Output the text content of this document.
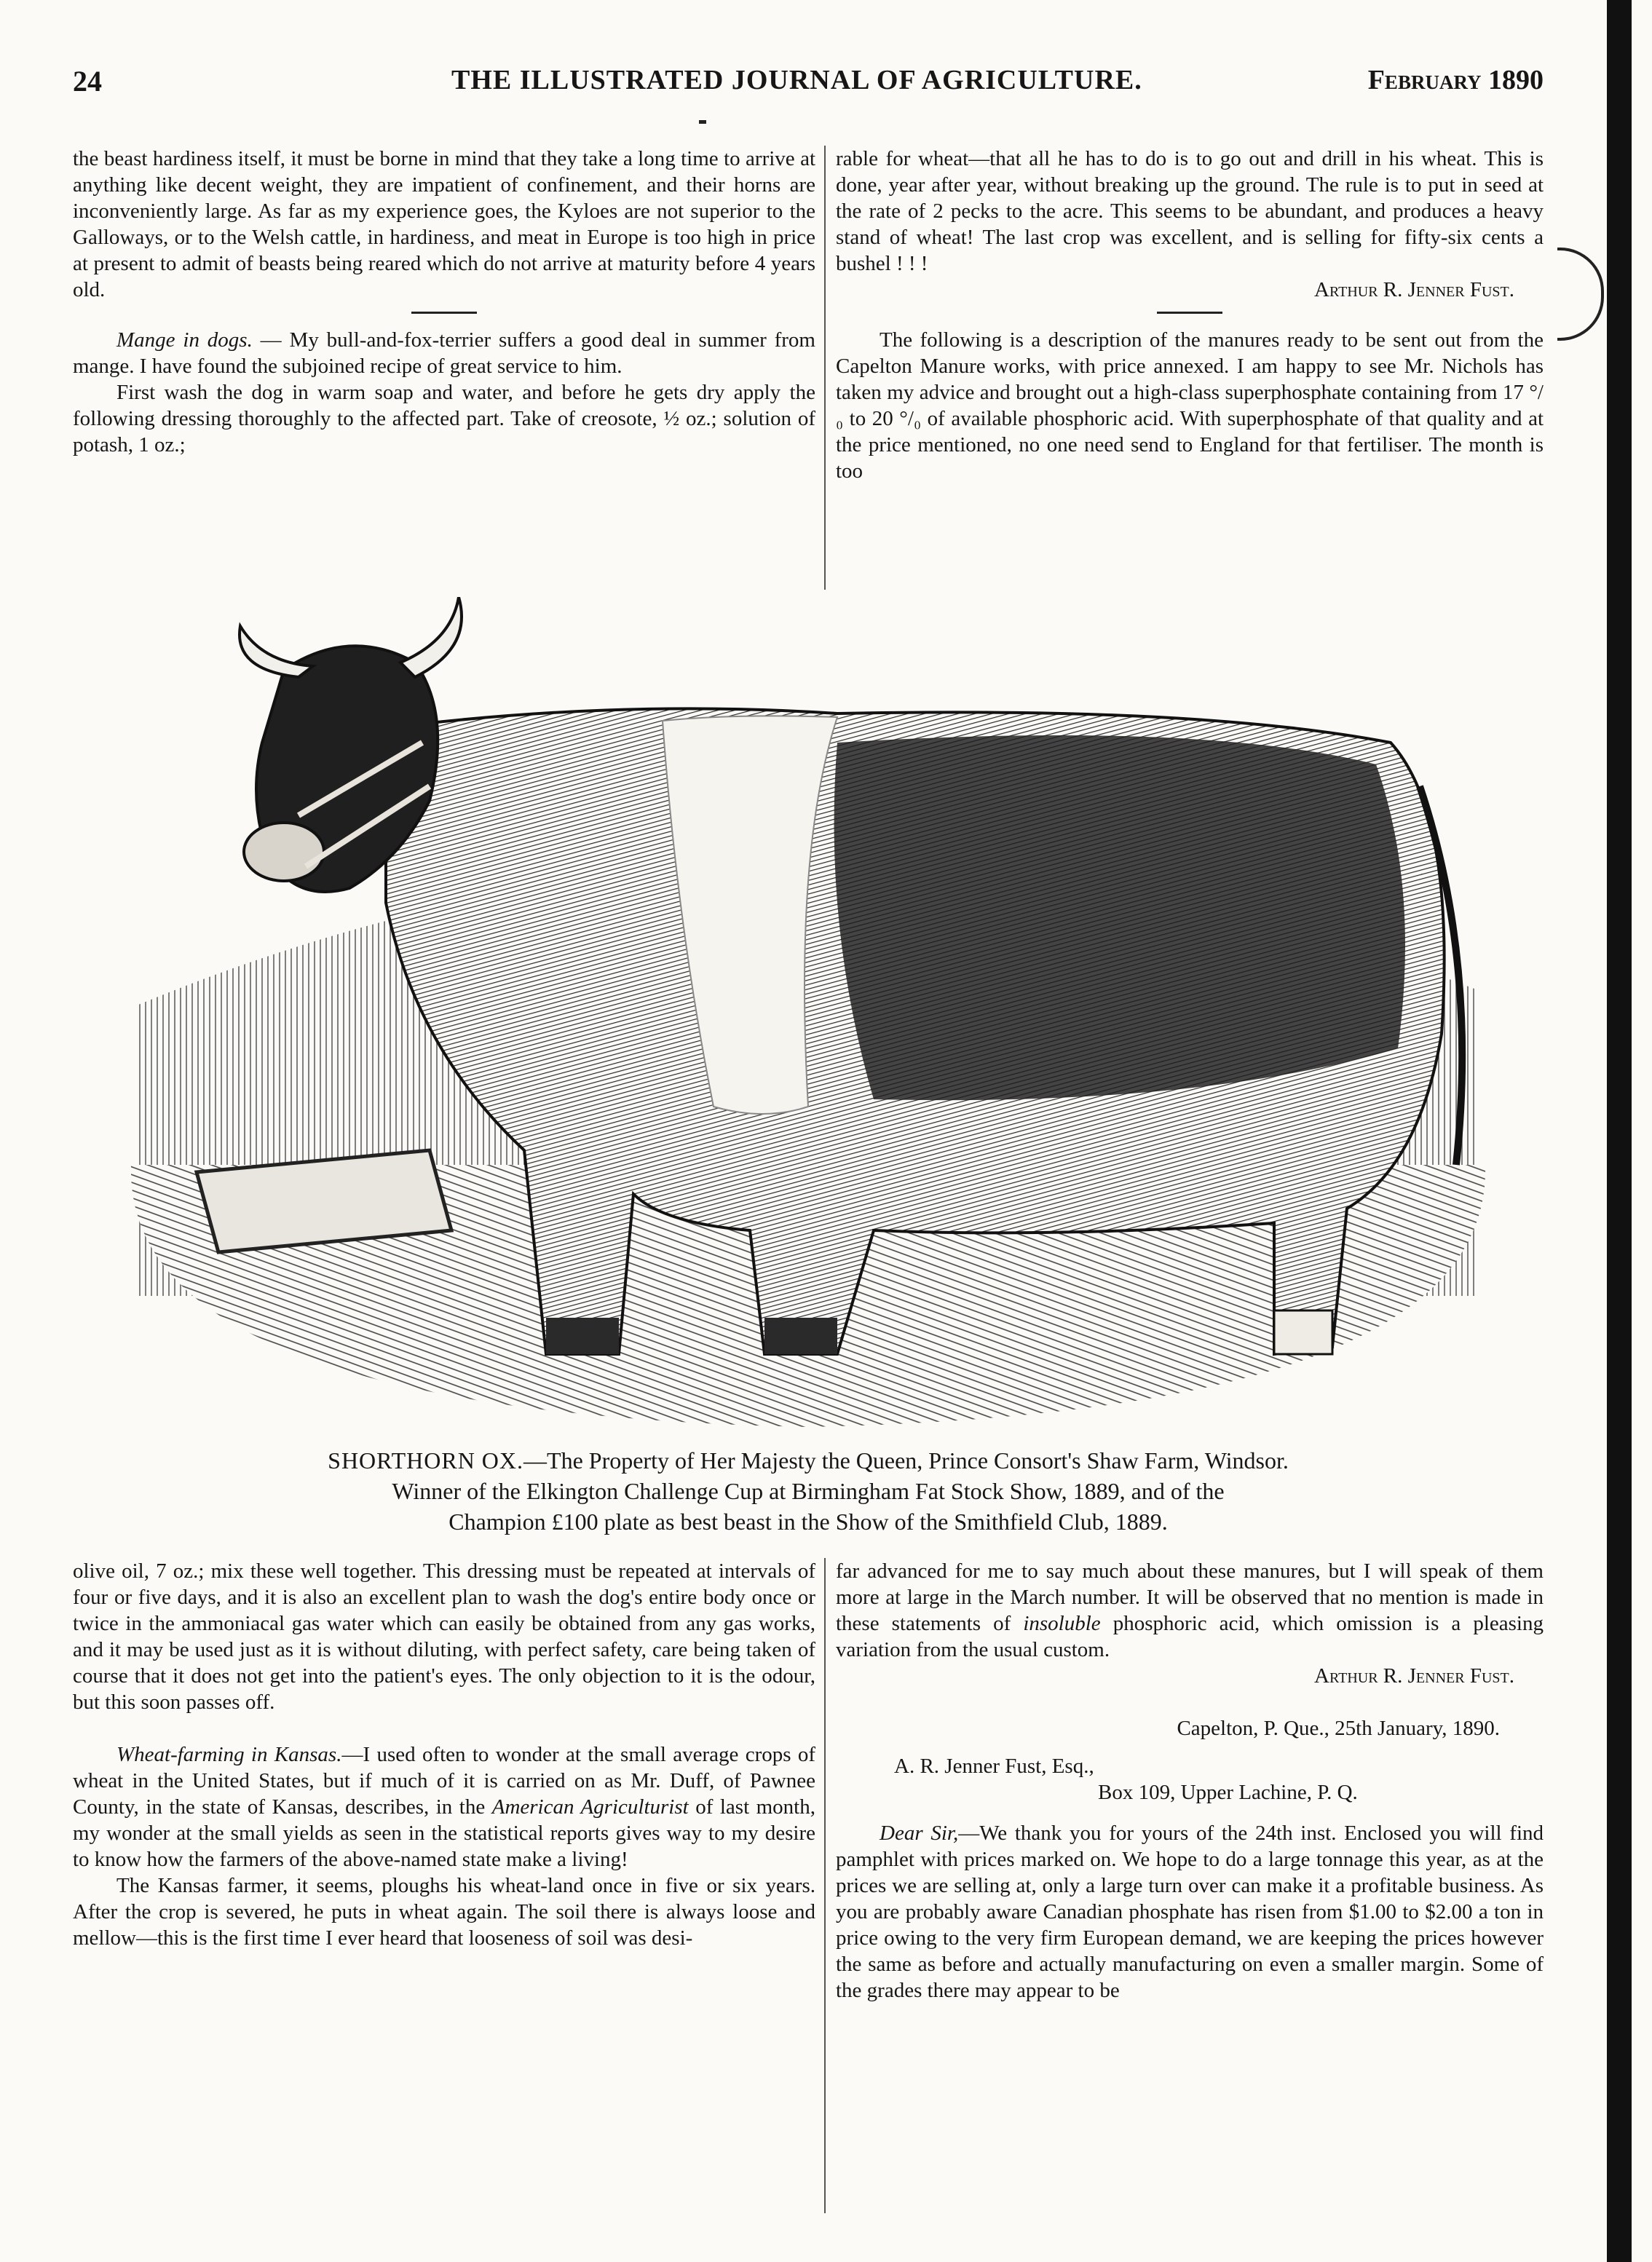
24	THE ILLUSTRATED JOURNAL OF AGRICULTURE.	February 1890

the beast hardiness itself, it must be borne in mind that they take a long time to arrive at anything like decent weight, they are impatient of confinement, and their horns are inconveniently large. As far as my experience goes, the Kyloes are not superior to the Galloways, or to the Welsh cattle, in hardiness, and meat in Europe is too high in price at present to admit of beasts being reared which do not arrive at maturity before 4 years old.

Mange in dogs. — My bull-and-fox-terrier suffers a good deal in summer from mange. I have found the subjoined recipe of great service to him.

First wash the dog in warm soap and water, and before he gets dry apply the following dressing thoroughly to the affected part. Take of creosote, ½ oz.; solution of potash, 1 oz.;

rable for wheat—that all he has to do is to go out and drill in his wheat. This is done, year after year, without breaking up the ground. The rule is to put in seed at the rate of 2 pecks to the acre. This seems to be abundant, and produces a heavy stand of wheat! The last crop was excellent, and is selling for fifty-six cents a bushel ! ! !

Arthur R. Jenner Fust.

The following is a description of the manures ready to be sent out from the Capelton Manure works, with price annexed. I am happy to see Mr. Nichols has taken my advice and brought out a high-class superphosphate containing from 17 °/₀ to 20 °/₀ of available phosphoric acid. With superphosphate of that quality and at the price mentioned, no one need send to England for that fertiliser. The month is too

SHORTHORN OX.—The Property of Her Majesty the Queen, Prince Consort's Shaw Farm, Windsor.
Winner of the Elkington Challenge Cup at Birmingham Fat Stock Show, 1889, and of the
Champion £100 plate as best beast in the Show of the Smithfield Club, 1889.

olive oil, 7 oz.; mix these well together. This dressing must be repeated at intervals of four or five days, and it is also an excellent plan to wash the dog's entire body once or twice in the ammoniacal gas water which can easily be obtained from any gas works, and it may be used just as it is without diluting, with perfect safety, care being taken of course that it does not get into the patient's eyes. The only objection to it is the odour, but this soon passes off.

Wheat-farming in Kansas.—I used often to wonder at the small average crops of wheat in the United States, but if much of it is carried on as Mr. Duff, of Pawnee County, in the state of Kansas, describes, in the American Agriculturist of last month, my wonder at the small yields as seen in the statistical reports gives way to my desire to know how the farmers of the above-named state make a living!

The Kansas farmer, it seems, ploughs his wheat-land once in five or six years. After the crop is severed, he puts in wheat again. The soil there is always loose and mellow—this is the first time I ever heard that looseness of soil was desi-

far advanced for me to say much about these manures, but I will speak of them more at large in the March number. It will be observed that no mention is made in these statements of insoluble phosphoric acid, which omission is a pleasing variation from the usual custom.

Arthur R. Jenner Fust.

Capelton, P. Que., 25th January, 1890.

A. R. Jenner Fust, Esq.,

Box 109, Upper Lachine, P. Q.

Dear Sir,—We thank you for yours of the 24th inst. Enclosed you will find pamphlet with prices marked on. We hope to do a large tonnage this year, as at the prices we are selling at, only a large turn over can make it a profitable business. As you are probably aware Canadian phosphate has risen from $1.00 to $2.00 a ton in price owing to the very firm European demand, we are keeping the prices however the same as before and actually manufacturing on even a smaller margin. Some of the grades there may appear to be
